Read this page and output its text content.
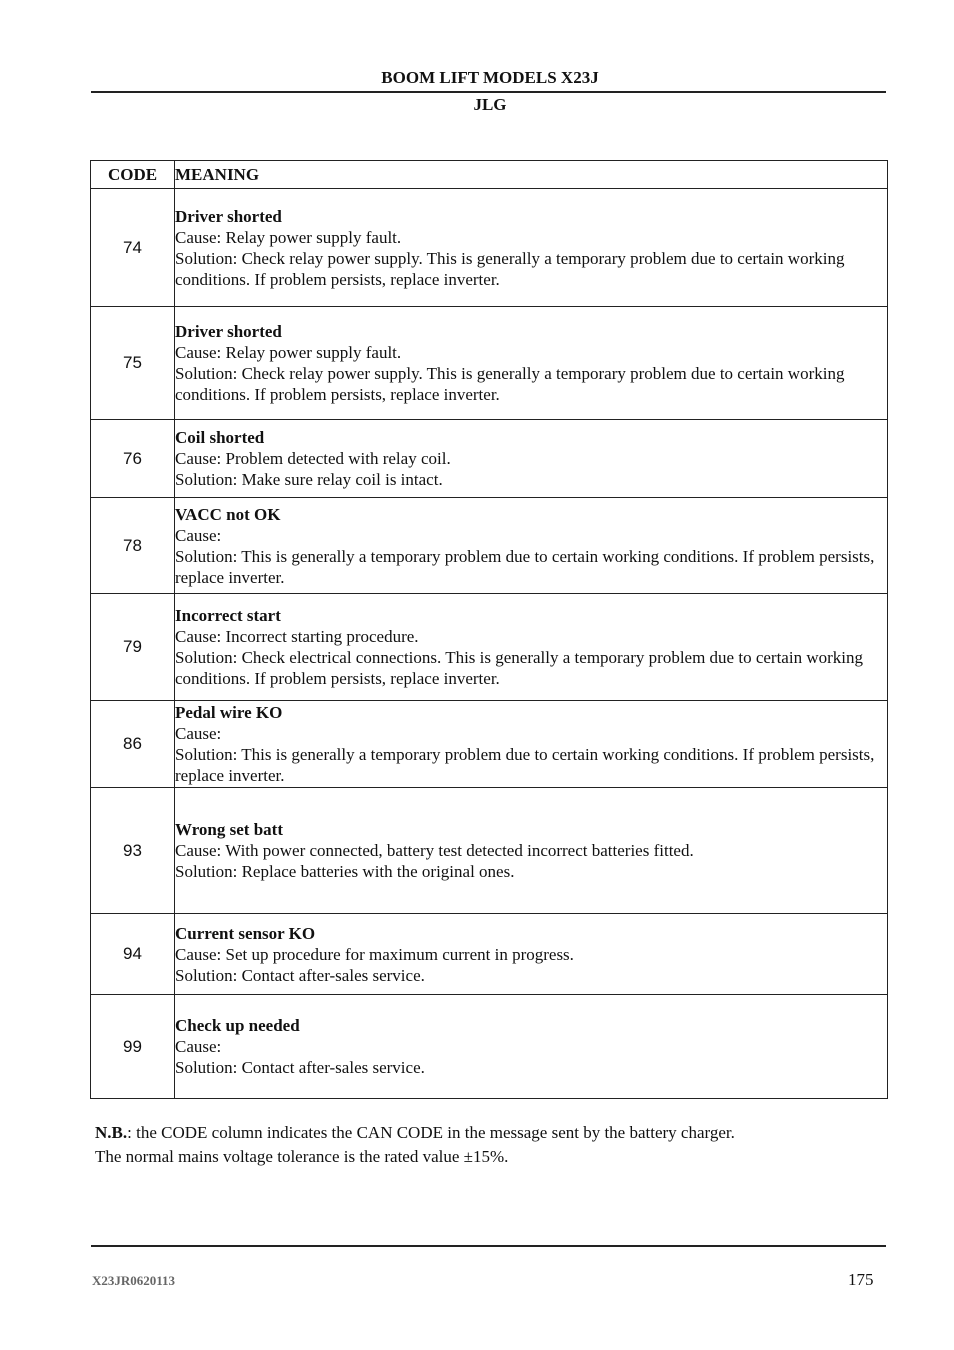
BOOM LIFT MODELS X23J
JLG
CODE	MEANING
74	Driver shorted
Cause: Relay power supply fault.
Solution: Check relay power supply. This is generally a temporary problem due to certain working conditions. If problem persists, replace inverter.

75	Driver shorted
Cause: Relay power supply fault.
Solution: Check relay power supply. This is generally a temporary problem due to certain working conditions. If problem persists, replace inverter.

76	Coil shorted
Cause: Problem detected with relay coil.
Solution: Make sure relay coil is intact.

78	VACC not OK
Cause:
Solution: This is generally a temporary problem due to certain working conditions. If problem persists, replace inverter.

79	Incorrect start
Cause: Incorrect starting procedure.
Solution: Check electrical connections. This is generally a temporary problem due to certain working conditions. If problem persists, replace inverter.

86	Pedal wire KO
Cause:
Solution: This is generally a temporary problem due to certain working conditions. If problem persists, replace inverter.

93	Wrong set batt
Cause: With power connected, battery test detected incorrect batteries fitted.
Solution: Replace batteries with the original ones.

94	Current sensor KO
Cause: Set up procedure for maximum current in progress.
Solution: Contact after-sales service.

99	Check up needed
Cause:
Solution: Contact after-sales service.
N.B.: the CODE column indicates the CAN CODE in the message sent by the battery charger.
The normal mains voltage tolerance is the rated value ±15%.
X23JR0620113	175
